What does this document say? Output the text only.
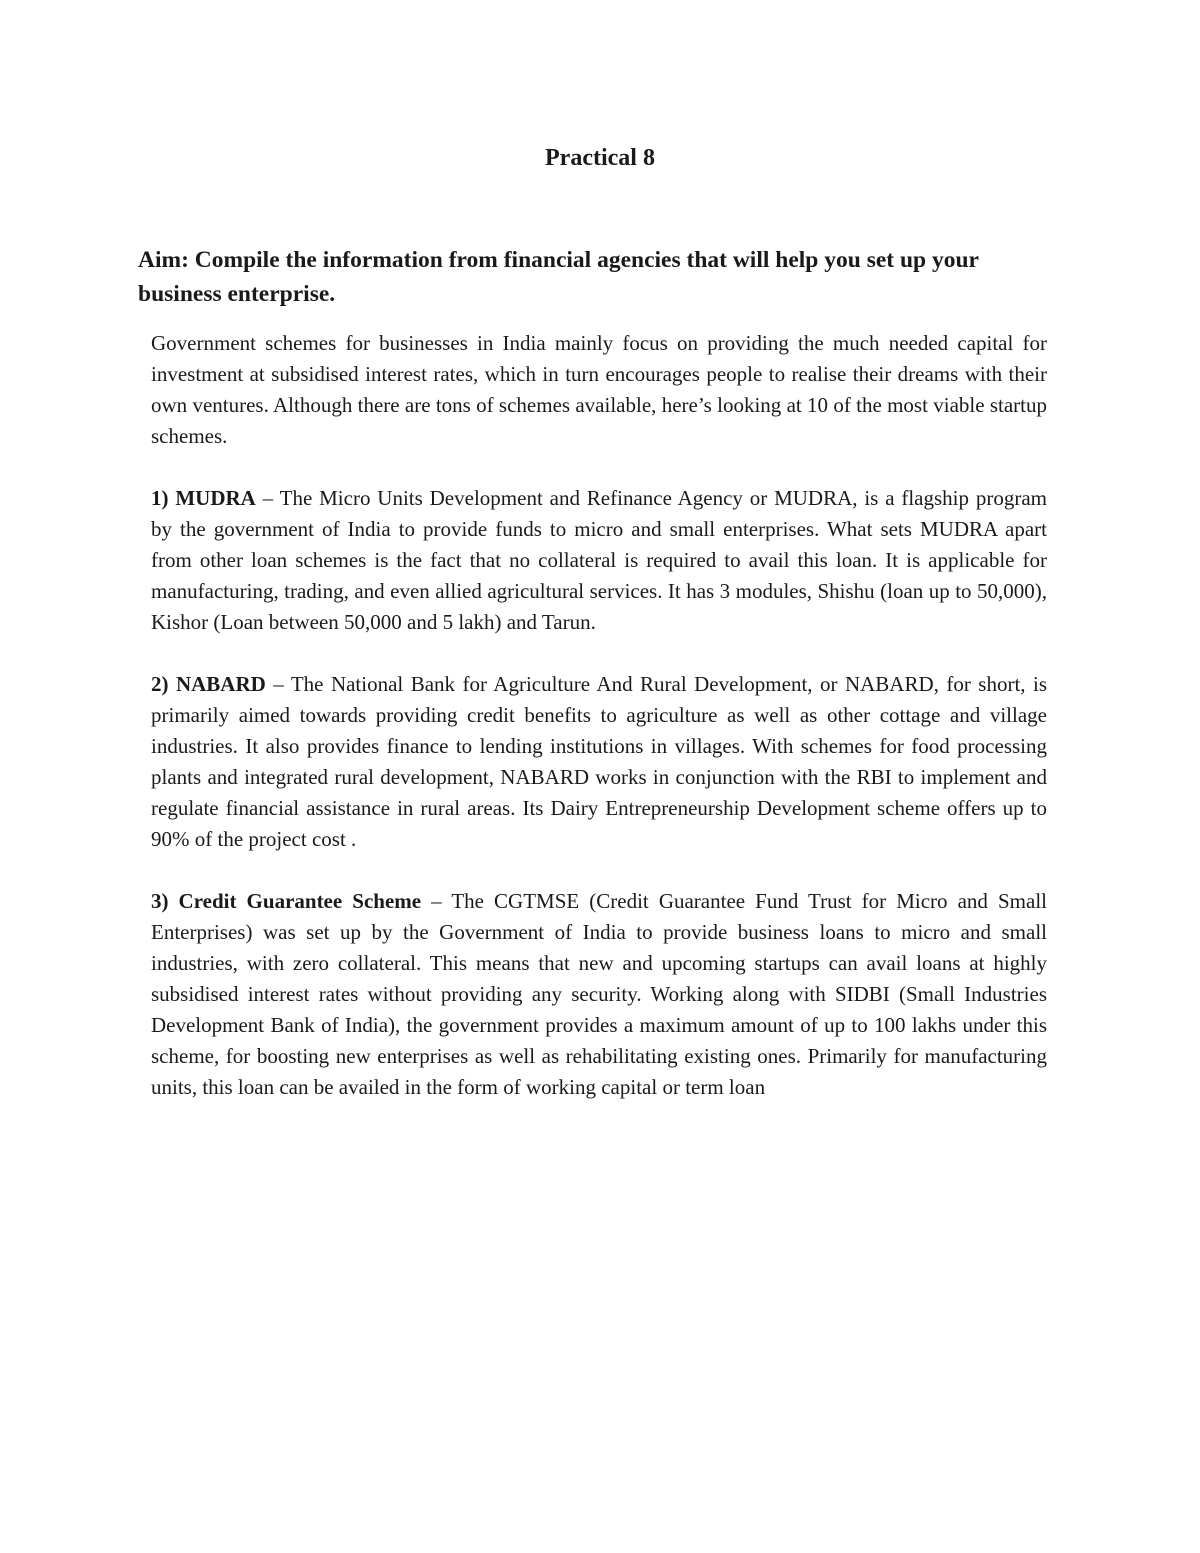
Practical 8
Aim: Compile the information from financial agencies that will help you set up your business enterprise.

Government schemes for businesses in India mainly focus on providing the much needed capital for investment at subsidised interest rates, which in turn encourages people to realise their dreams with their own ventures. Although there are tons of schemes available, here’s looking at 10 of the most viable startup schemes.

1) MUDRA – The Micro Units Development and Refinance Agency or MUDRA, is a flagship program by the government of India to provide funds to micro and small enterprises. What sets MUDRA apart from other loan schemes is the fact that no collateral is required to avail this loan. It is applicable for manufacturing, trading, and even allied agricultural services. It has 3 modules, Shishu (loan up to 50,000), Kishor (Loan between 50,000 and 5 lakh) and Tarun.

2) NABARD – The National Bank for Agriculture And Rural Development, or NABARD, for short, is primarily aimed towards providing credit benefits to agriculture as well as other cottage and village industries. It also provides finance to lending institutions in villages. With schemes for food processing plants and integrated rural development, NABARD works in conjunction with the RBI to implement and regulate financial assistance in rural areas. Its Dairy Entrepreneurship Development scheme offers up to 90% of the project cost .

3) Credit Guarantee Scheme – The CGTMSE (Credit Guarantee Fund Trust for Micro and Small Enterprises) was set up by the Government of India to provide business loans to micro and small industries, with zero collateral. This means that new and upcoming startups can avail loans at highly subsidised interest rates without providing any security. Working along with SIDBI (Small Industries Development Bank of India), the government provides a maximum amount of up to 100 lakhs under this scheme, for boosting new enterprises as well as rehabilitating existing ones. Primarily for manufacturing units, this loan can be availed in the form of working capital or term loan
